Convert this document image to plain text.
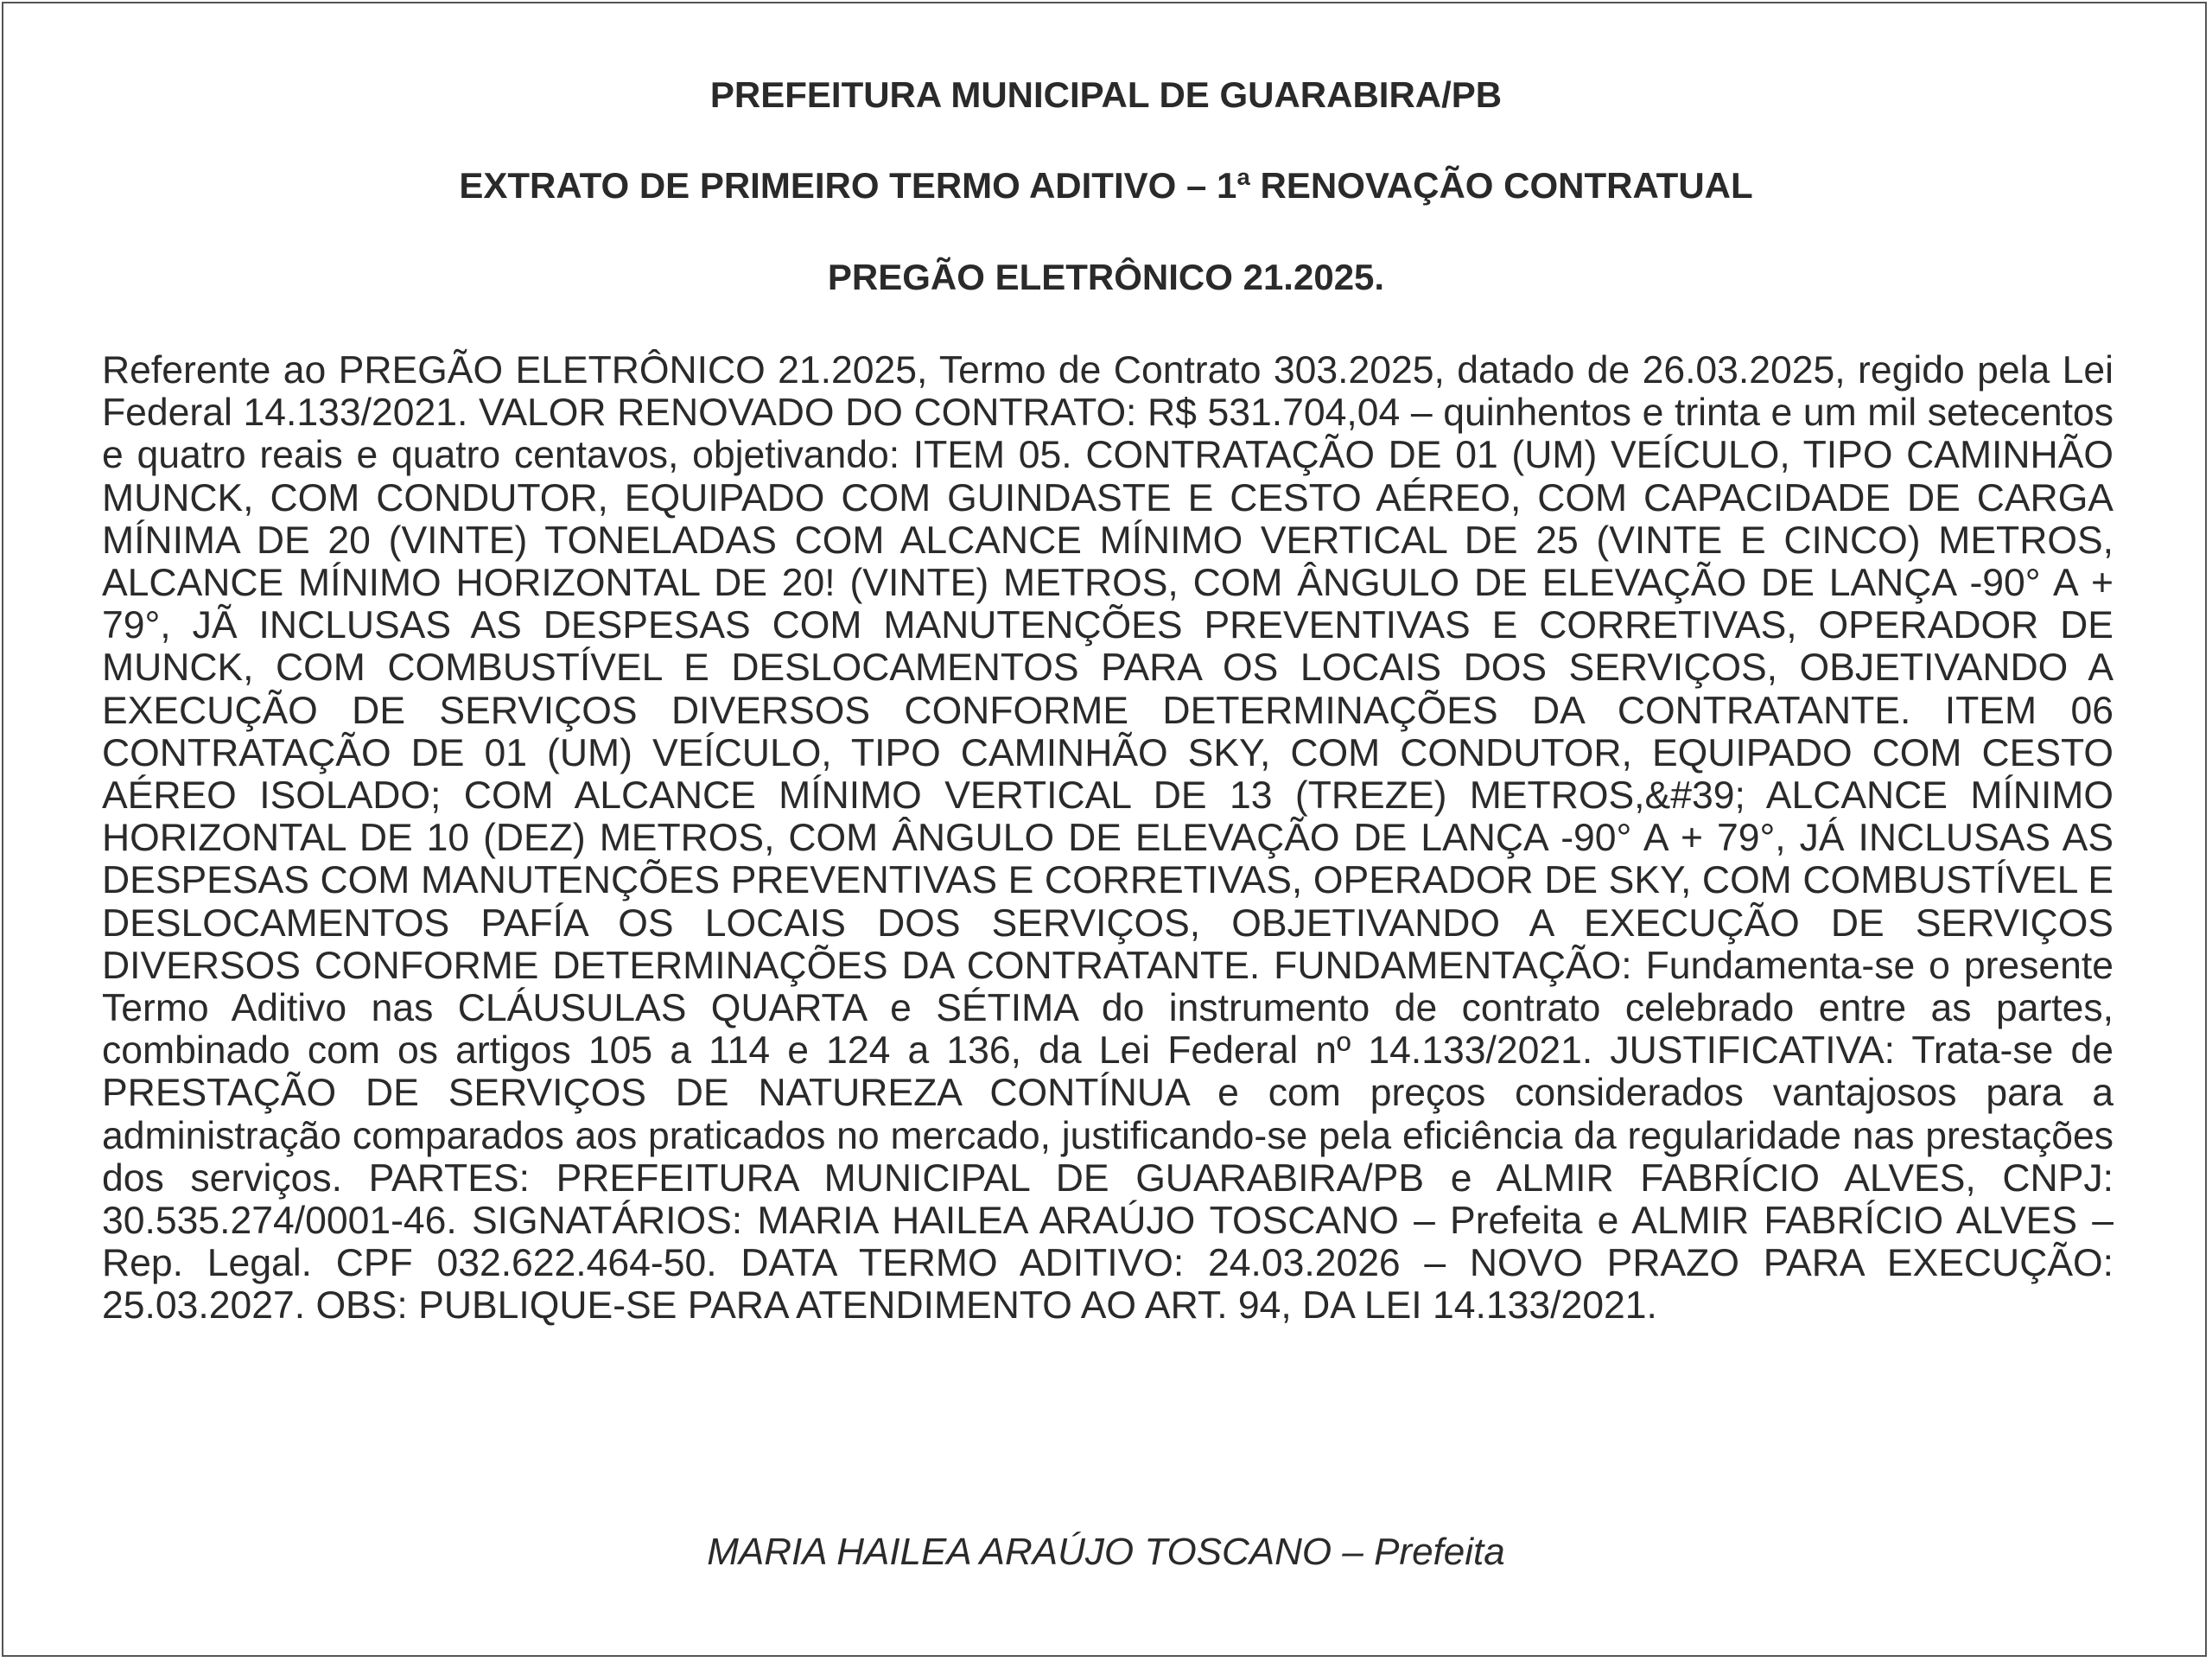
PREFEITURA MUNICIPAL DE GUARABIRA/PB
EXTRATO DE PRIMEIRO TERMO ADITIVO – 1ª RENOVAÇÃO CONTRATUAL
PREGÃO ELETRÔNICO 21.2025.

Referente ao PREGÃO ELETRÔNICO 21.2025, Termo de Contrato 303.2025, datado de 26.03.2025, regido pela Lei Federal 14.133/2021. VALOR RENOVADO DO CONTRATO: R$ 531.704,04 – quinhentos e trinta e um mil setecentos e quatro reais e quatro centavos, objetivando: ITEM 05. CONTRATAÇÃO DE 01 (UM) VEÍCULO, TIPO CAMINHÃO MUNCK, COM CONDUTOR, EQUIPADO COM GUINDASTE E CESTO AÉREO, COM CAPACIDADE DE CARGA MÍNIMA DE 20 (VINTE) TONELADAS COM ALCANCE MÍNIMO VERTICAL DE 25 (VINTE E CINCO) METROS, ALCANCE MÍNIMO HORIZONTAL DE 20! (VINTE) METROS, COM ÂNGULO DE ELEVAÇÃO DE LANÇA -90° A + 79°, JÃ INCLUSAS AS DESPESAS COM MANUTENÇÕES PREVENTIVAS E CORRETIVAS, OPERADOR DE MUNCK, COM COMBUSTÍVEL E DESLOCAMENTOS PARA OS LOCAIS DOS SERVIÇOS, OBJETIVANDO A EXECUÇÃO DE SERVIÇOS DIVERSOS CONFORME DETERMINAÇÕES DA CONTRATANTE. ITEM 06 CONTRATAÇÃO DE 01 (UM) VEÍCULO, TIPO CAMINHÃO SKY, COM CONDUTOR, EQUIPADO COM CESTO AÉREO ISOLADO; COM ALCANCE MÍNIMO VERTICAL DE 13 (TREZE) METROS,&#39; ALCANCE MÍNIMO HORIZONTAL DE 10 (DEZ) METROS, COM ÂNGULO DE ELEVAÇÃO DE LANÇA -90° A + 79°, JÁ INCLUSAS AS DESPESAS COM MANUTENÇÕES PREVENTIVAS E CORRETIVAS, OPERADOR DE SKY, COM COMBUSTÍVEL E DESLOCAMENTOS PAFÍA OS LOCAIS DOS SERVIÇOS, OBJETIVANDO A EXECUÇÃO DE SERVIÇOS DIVERSOS CONFORME DETERMINAÇÕES DA CONTRATANTE. FUNDAMENTAÇÃO: Fundamenta-se o presente Termo Aditivo nas CLÁUSULAS QUARTA e SÉTIMA do instrumento de contrato celebrado entre as partes, combinado com os artigos 105 a 114 e 124 a 136, da Lei Federal nº 14.133/2021. JUSTIFICATIVA: Trata-se de PRESTAÇÃO DE SERVIÇOS DE NATUREZA CONTÍNUA e com preços considerados vantajosos para a administração comparados aos praticados no mercado, justificando-se pela eficiência da regularidade nas prestações dos serviços. PARTES: PREFEITURA MUNICIPAL DE GUARABIRA/PB e ALMIR FABRÍCIO ALVES, CNPJ: 30.535.274/0001-46. SIGNATÁRIOS: MARIA HAILEA ARAÚJO TOSCANO – Prefeita e ALMIR FABRÍCIO ALVES – Rep. Legal. CPF 032.622.464-50. DATA TERMO ADITIVO: 24.03.2026 – NOVO PRAZO PARA EXECUÇÃO: 25.03.2027. OBS: PUBLIQUE-SE PARA ATENDIMENTO AO ART. 94, DA LEI 14.133/2021.

MARIA HAILEA ARAÚJO TOSCANO – Prefeita
